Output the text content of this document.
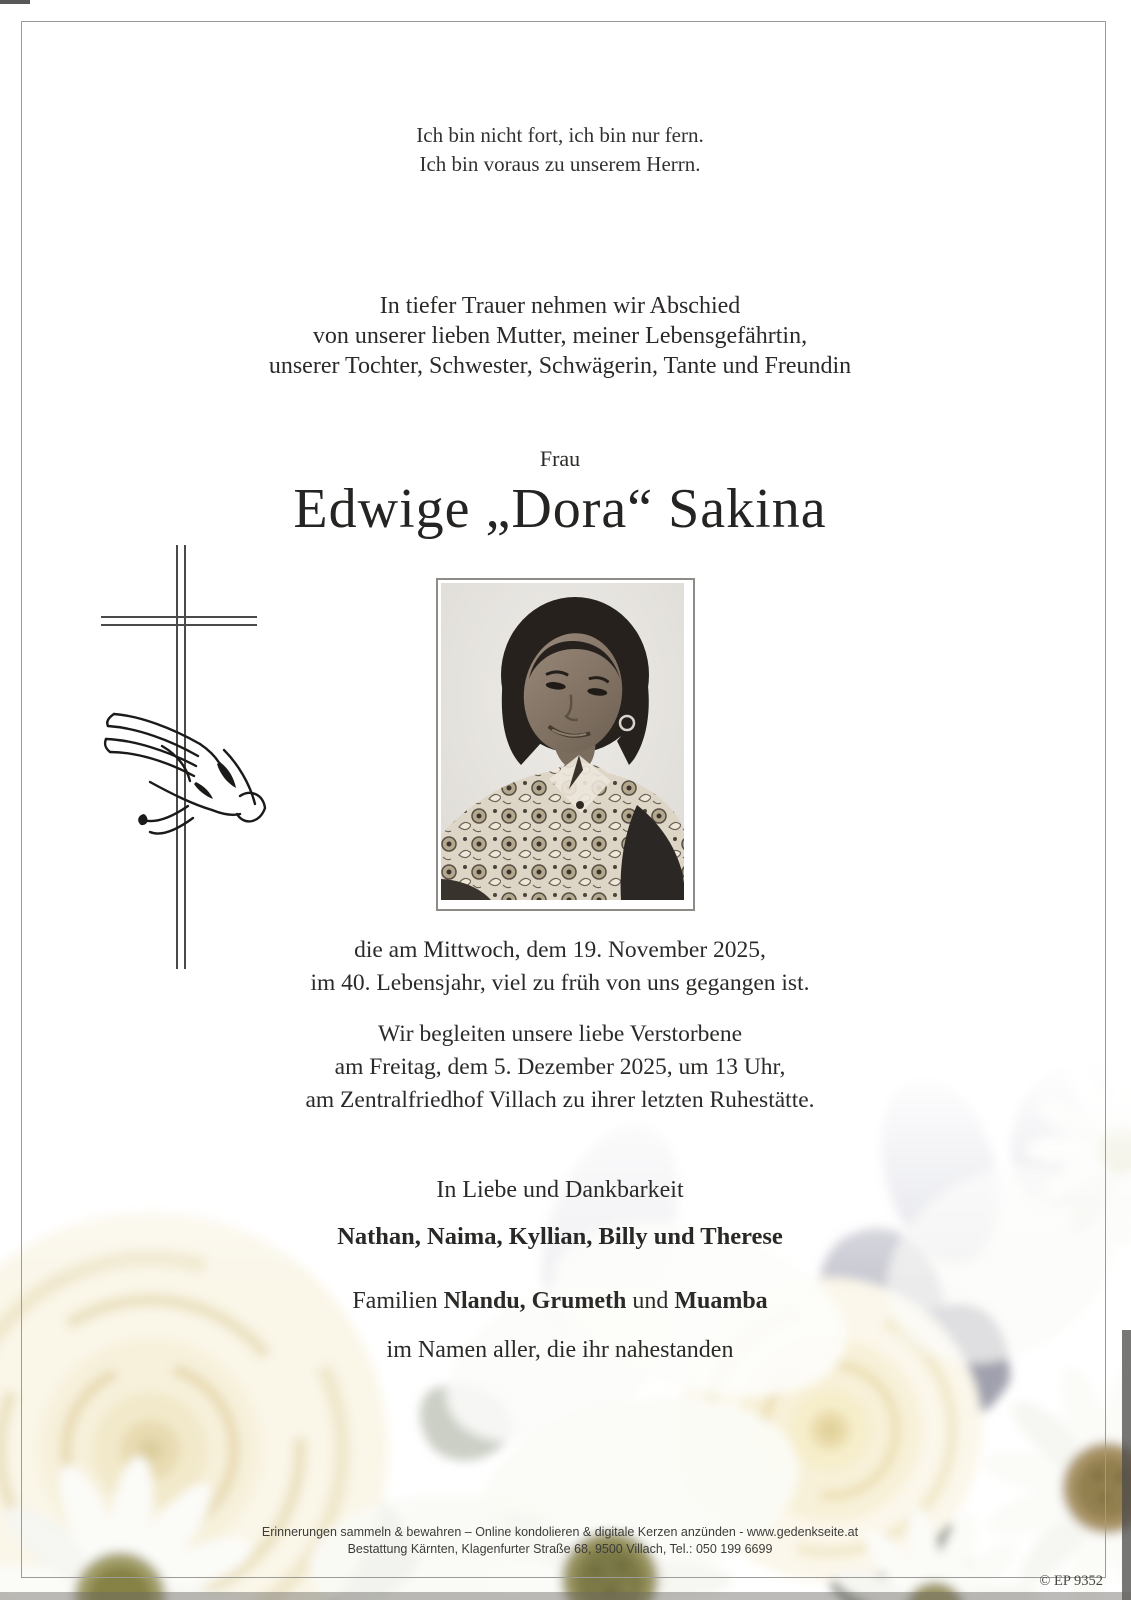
Ich bin nicht fort, ich bin nur fern.
Ich bin voraus zu unserem Herrn.
In tiefer Trauer nehmen wir Abschied
von unserer lieben Mutter, meiner Lebensgefährtin,
unserer Tochter, Schwester, Schwägerin, Tante und Freundin
Frau
Edwige „Dora“ Sakina
die am Mittwoch, dem 19. November 2025,
im 40. Lebensjahr, viel zu früh von uns gegangen ist.
Wir begleiten unsere liebe Verstorbene
am Freitag, dem 5. Dezember 2025, um 13 Uhr,
am Zentralfriedhof Villach zu ihrer letzten Ruhestätte.
In Liebe und Dankbarkeit
Nathan, Naima, Kyllian, Billy und Therese
Familien Nlandu, Grumeth und Muamba
im Namen aller, die ihr nahestanden
Erinnerungen sammeln & bewahren – Online kondolieren & digitale Kerzen anzünden - www.gedenkseite.at
Bestattung Kärnten, Klagenfurter Straße 68, 9500 Villach, Tel.: 050 199 6699
© EP 9352
